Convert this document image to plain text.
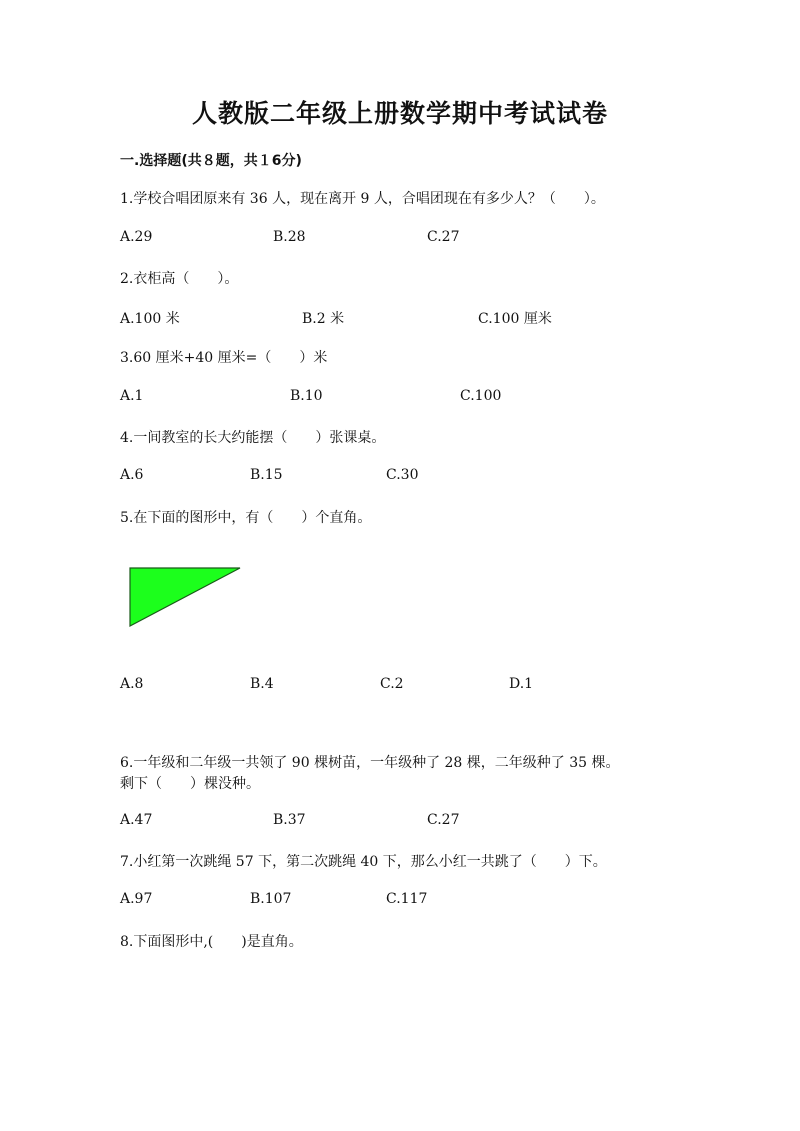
人教版二年级上册数学期中考试试卷
一.选择题(共８题，共１6分)
1.学校合唱团原来有 36 人，现在离开 9 人，合唱团现在有多少人？（　　）。
A.29	B.28	C.27
2.衣柜高（　　）。
A.100 米	B.2 米	C.100 厘米
3.60 厘米+40 厘米=（　　）米
A.1	B.10	C.100
4.一间教室的长大约能摆（　　）张课桌。
A.6	B.15	C.30
5.在下面的图形中，有（　　）个直角。
A.8	B.4	C.2	D.1
6.一年级和二年级一共领了 90 棵树苗，一年级种了 28 棵，二年级种了 35 棵。
剩下（　　）棵没种。
A.47	B.37	C.27
7.小红第一次跳绳 57 下，第二次跳绳 40 下，那么小红一共跳了（　　）下。
A.97	B.107	C.117
8.下面图形中,(　　)是直角。
